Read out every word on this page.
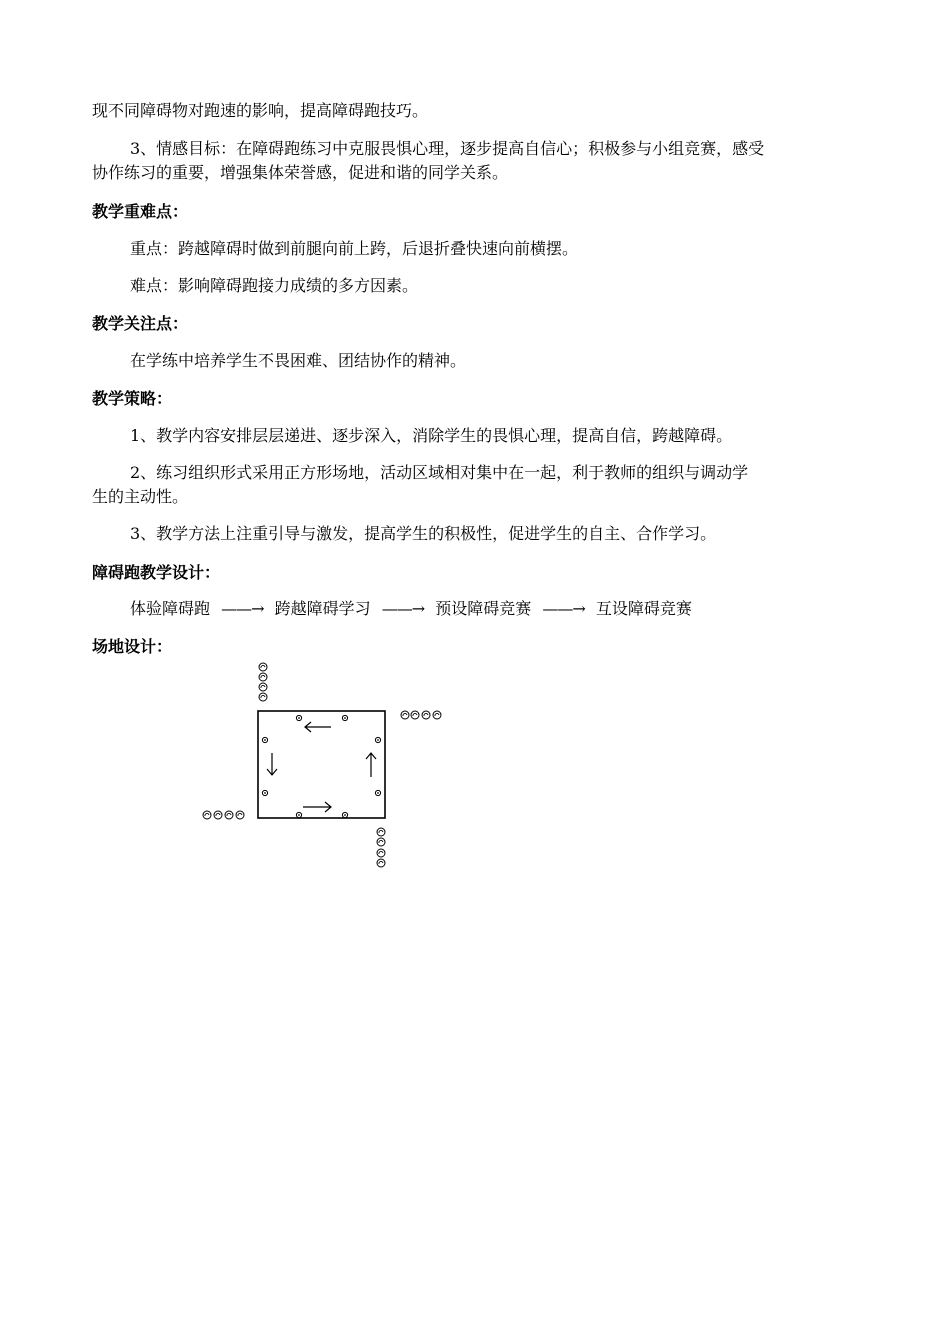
现不同障碍物对跑速的影响，提高障碍跑技巧。
3、情感目标：在障碍跑练习中克服畏惧心理，逐步提高自信心；积极参与小组竞赛，感受
协作练习的重要，增强集体荣誉感，促进和谐的同学关系。
教学重难点：
重点：跨越障碍时做到前腿向前上跨，后退折叠快速向前横摆。
难点：影响障碍跑接力成绩的多方因素。
教学关注点：
在学练中培养学生不畏困难、团结协作的精神。
教学策略：
1、教学内容安排层层递进、逐步深入，消除学生的畏惧心理，提高自信，跨越障碍。
2、练习组织形式采用正方形场地，活动区域相对集中在一起，利于教师的组织与调动学
生的主动性。
3、教学方法上注重引导与激发，提高学生的积极性，促进学生的自主、合作学习。
障碍跑教学设计：
体验障碍跑 ——→ 跨越障碍学习 ——→ 预设障碍竞赛 ——→ 互设障碍竞赛
场地设计：
